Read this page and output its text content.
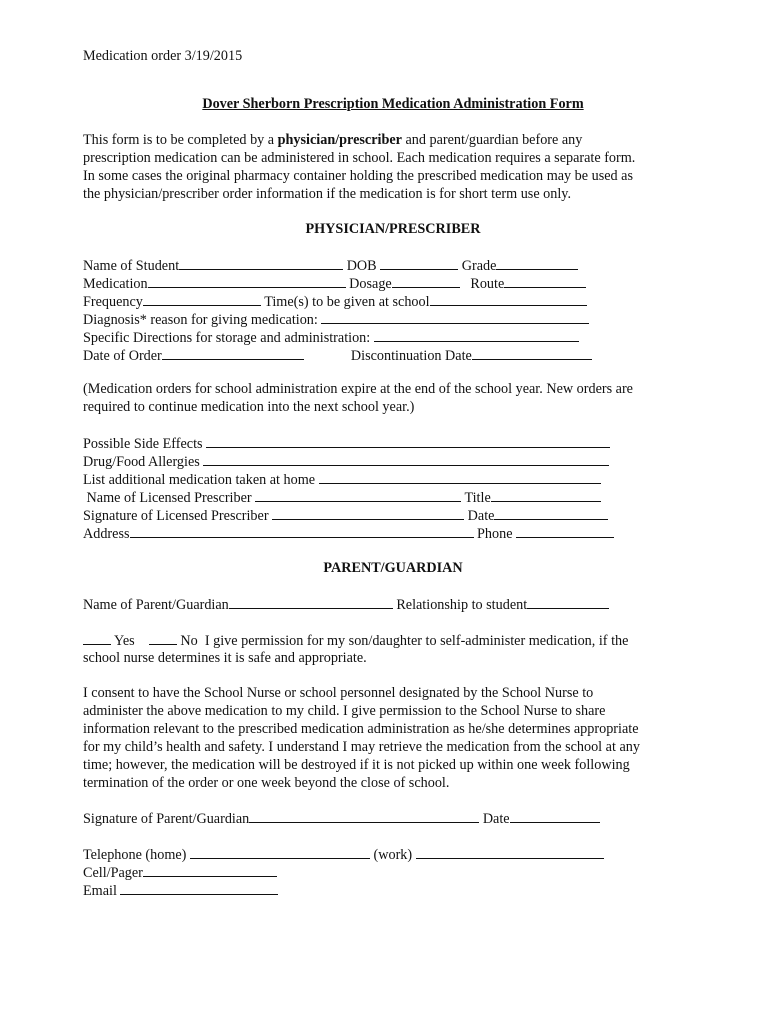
Medication order 3/19/2015
Dover Sherborn Prescription Medication Administration Form
This form is to be completed by a physician/prescriber and parent/guardian before any
prescription medication can be administered in school. Each medication requires a separate form.
In some cases the original pharmacy container holding the prescribed medication may be used as
the physician/prescriber order information if the medication is for short term use only.
PHYSICIAN/PRESCRIBER
Name of Student	DOB	Grade
Medication	Dosage	Route
Frequency	Time(s) to be given at school
Diagnosis* reason for giving medication:
Specific Directions for storage and administration:
Date of Order	Discontinuation Date
(Medication orders for school administration expire at the end of the school year. New orders are
required to continue medication into the next school year.)
Possible Side Effects
Drug/Food Allergies
List additional medication taken at home
Name of Licensed Prescriber	Title
Signature of Licensed Prescriber	Date
Address	Phone
PARENT/GUARDIAN
Name of Parent/Guardian	Relationship to student
Yes	No I give permission for my son/daughter to self-administer medication, if the
school nurse determines it is safe and appropriate.
I consent to have the School Nurse or school personnel designated by the School Nurse to
administer the above medication to my child. I give permission to the School Nurse to share
information relevant to the prescribed medication administration as he/she determines appropriate
for my child’s health and safety. I understand I may retrieve the medication from the school at any
time; however, the medication will be destroyed if it is not picked up within one week following
termination of the order or one week beyond the close of school.
Signature of Parent/Guardian	Date
Telephone (home)	(work)
Cell/Pager
Email
